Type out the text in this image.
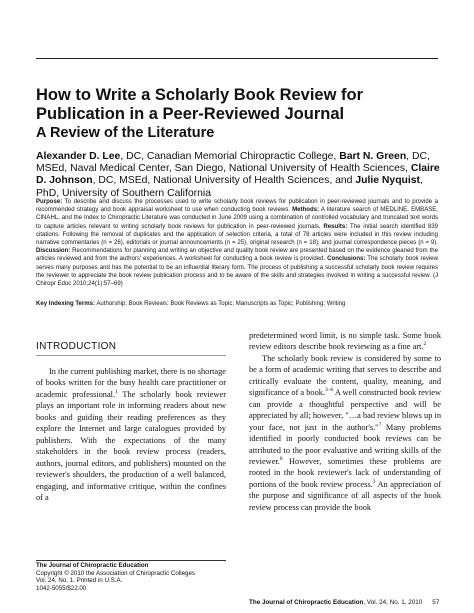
How to Write a Scholarly Book Review for
Publication in a Peer-Reviewed Journal
A Review of the Literature

Alexander D. Lee, DC, Canadian Memorial Chiropractic College, Bart N. Green, DC, MSEd, Naval Medical Center, San Diego, National University of Health Sciences, Claire D. Johnson, DC, MSEd, National University of Health Sciences, and Julie Nyquist, PhD, University of Southern California

Purpose: To describe and discuss the processes used to write scholarly book reviews for publication in peer-reviewed journals and to provide a recommended strategy and book appraisal worksheet to use when conducting book reviews. Methods: A literature search of MEDLINE, EMBASE, CINAHL, and the Index to Chiropractic Literature was conducted in June 2009 using a combination of controlled vocabulary and truncated text words to capture articles relevant to writing scholarly book reviews for publication in peer-reviewed journals. Results: The initial search identified 839 citations. Following the removal of duplicates and the application of selection criteria, a total of 78 articles were included in this review including narrative commentaries (n = 26), editorials or journal announcements (n = 25), original research (n = 18), and journal correspondence pieces (n = 9). Discussion: Recommendations for planning and writing an objective and quality book review are presented based on the evidence gleaned from the articles reviewed and from the authors' experiences. A worksheet for conducting a book review is provided. Conclusions: The scholarly book review serves many purposes and has the potential to be an influential literary form. The process of publishing a successful scholarly book review requires the reviewer to appreciate the book review publication process and to be aware of the skills and strategies involved in writing a successful review. (J Chiropr Educ 2010;24(1):57–69)

Key Indexing Terms: Authorship; Book Reviews; Book Reviews as Topic; Manuscripts as Topic; Publishing; Writing

INTRODUCTION

In the current publishing market, there is no shortage of books written for the busy health care practitioner or academic professional.$^1$ The scholarly book reviewer plays an important role in informing readers about new books and guiding their reading preferences as they explore the Internet and large catalogues provided by publishers. With the expectations of the many stakeholders in the book review process (readers, authors, journal editors, and publishers) mounted on the reviewer's shoulders, the production of a well balanced, engaging, and informative critique, within the confines of a

predetermined word limit, is no simple task. Some book review editors describe book reviewing as a fine art.$^2$

The scholarly book review is considered by some to be a form of academic writing that serves to describe and critically evaluate the content, quality, meaning, and significance of a book.$^{3-6}$ A well constructed book review can provide a thoughtful perspective and will be appreciated by all; however, "…a bad review blows up in your face, not just in the author's."$^7$ Many problems identified in poorly conducted book reviews can be attributed to the poor evaluative and writing skills of the reviewer.$^8$ However, sometimes these problems are rooted in the book reviewer's lack of understanding of portions of the book review process.$^3$ An appreciation of the purpose and significance of all aspects of the book review process can provide the book

The Journal of Chiropractic Education
Copyright © 2010 the Association of Chiropractic Colleges
Vol. 24, No. 1. Printed in U.S.A.
1042-5055/$22.00
The Journal of Chiropractic Education, Vol. 24, No. 1, 2010 57
